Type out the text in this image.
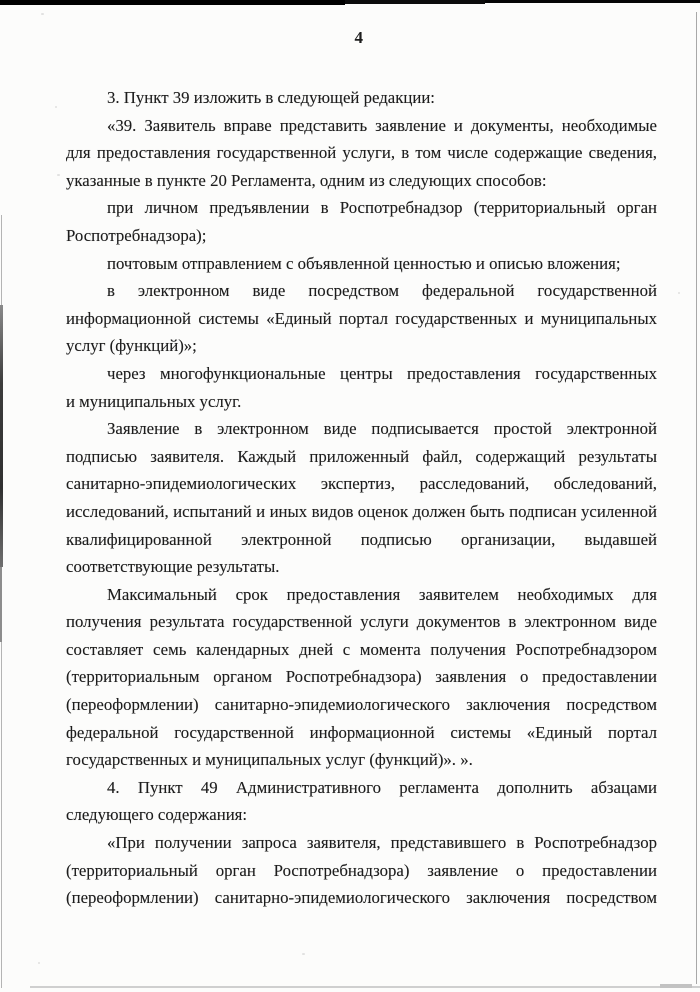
4
3. Пункт 39 изложить в следующей редакции:
«39. Заявитель вправе представить заявление и документы, необходимые
для предоставления государственной услуги, в том числе содержащие сведения,
указанные в пункте 20 Регламента, одним из следующих способов:
при личном предъявлении в Роспотребнадзор (территориальный орган
Роспотребнадзора);
почтовым отправлением с объявленной ценностью и описью вложения;
в электронном виде посредством федеральной государственной
информационной системы «Единый портал государственных и муниципальных
услуг (функций)»;
через многофункциональные центры предоставления государственных
и муниципальных услуг.
Заявление в электронном виде подписывается простой электронной
подписью заявителя. Каждый приложенный файл, содержащий результаты
санитарно-эпидемиологических экспертиз, расследований, обследований,
исследований, испытаний и иных видов оценок должен быть подписан усиленной
квалифицированной электронной подписью организации, выдавшей
соответствующие результаты.
Максимальный срок предоставления заявителем необходимых для
получения результата государственной услуги документов в электронном виде
составляет семь календарных дней с момента получения Роспотребнадзором
(территориальным органом Роспотребнадзора) заявления о предоставлении
(переоформлении) санитарно-эпидемиологического заключения посредством
федеральной государственной информационной системы «Единый портал
государственных и муниципальных услуг (функций)». ».
4. Пункт 49 Административного регламента дополнить абзацами
следующего содержания:
«При получении запроса заявителя, представившего в Роспотребнадзор
(территориальный орган Роспотребнадзора) заявление о предоставлении
(переоформлении) санитарно-эпидемиологического заключения посредством
